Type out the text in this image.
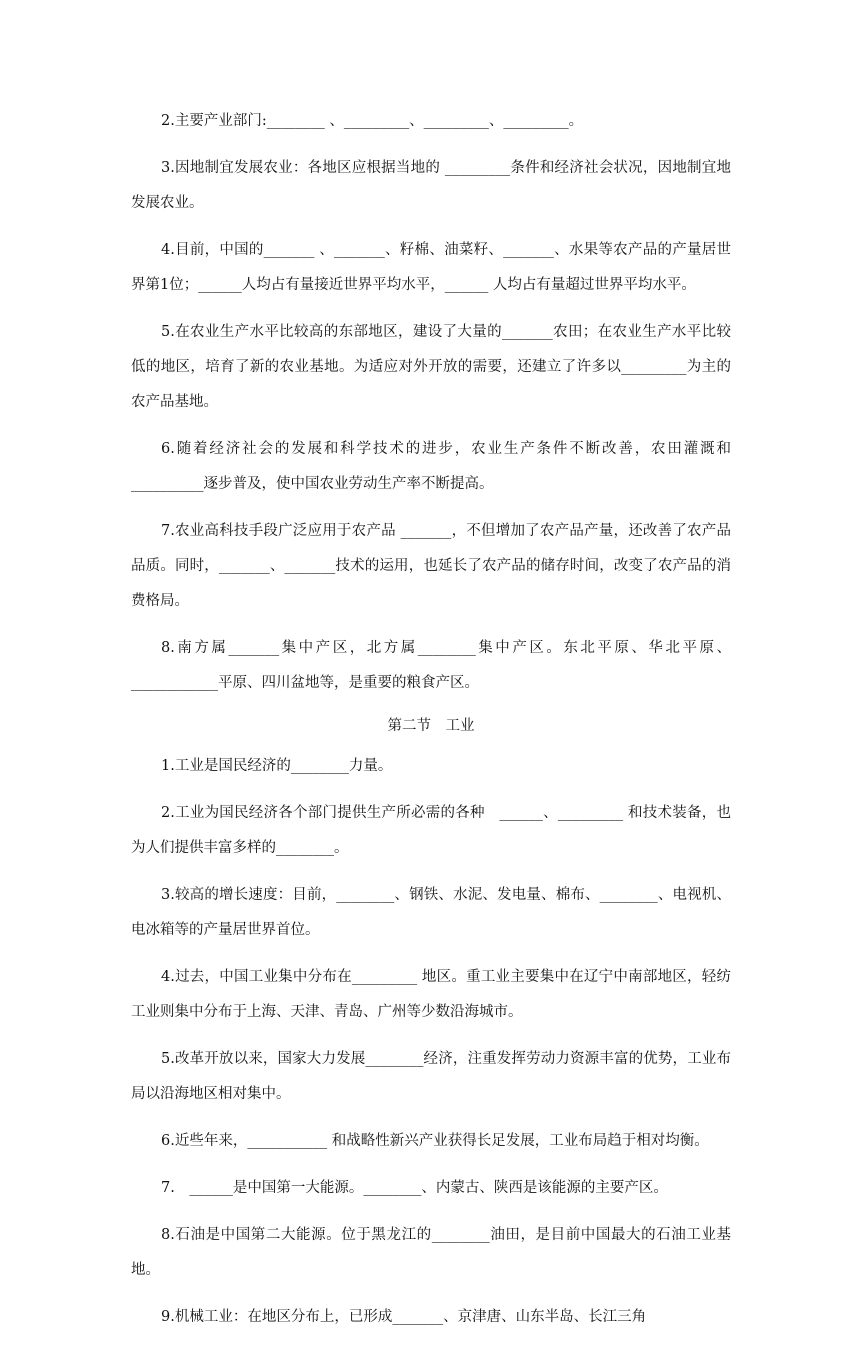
2.主要产业部门:________ 、_________、_________、_________。

3.因地制宜发展农业：各地区应根据当地的 _________条件和经济社会状况，因地制宜地发展农业。

4.目前，中国的_______ 、_______、籽棉、油菜籽、_______、水果等农产品的产量居世界第1位；______人均占有量接近世界平均水平，______ 人均占有量超过世界平均水平。

5.在农业生产水平比较高的东部地区，建设了大量的_______农田；在农业生产水平比较低的地区，培育了新的农业基地。为适应对外开放的需要，还建立了许多以_________为主的农产品基地。

6.随着经济社会的发展和科学技术的进步，农业生产条件不断改善，农田灌溉和__________逐步普及，使中国农业劳动生产率不断提高。

7.农业高科技手段广泛应用于农产品 _______，不但增加了农产品产量，还改善了农产品品质。同时，_______、_______技术的运用，也延长了农产品的储存时间，改变了农产品的消费格局。

8.南方属_______集中产区，北方属________集中产区。东北平原、华北平原、____________平原、四川盆地等，是重要的粮食产区。

第二节　工业

1.工业是国民经济的________力量。

2.工业为国民经济各个部门提供生产所必需的各种　______、_________ 和技术装备，也为人们提供丰富多样的________。

3.较高的增长速度：目前，________、钢铁、水泥、发电量、棉布、________、电视机、电冰箱等的产量居世界首位。

4.过去，中国工业集中分布在_________ 地区。重工业主要集中在辽宁中南部地区，轻纺工业则集中分布于上海、天津、青岛、广州等少数沿海城市。

5.改革开放以来，国家大力发展________经济，注重发挥劳动力资源丰富的优势，工业布局以沿海地区相对集中。

6.近些年来，___________ 和战略性新兴产业获得长足发展，工业布局趋于相对均衡。

7.　______是中国第一大能源。________、内蒙古、陕西是该能源的主要产区。

8.石油是中国第二大能源。位于黑龙江的________油田，是目前中国最大的石油工业基地。

9.机械工业：在地区分布上，已形成_______、京津唐、山东半岛、长江三角
